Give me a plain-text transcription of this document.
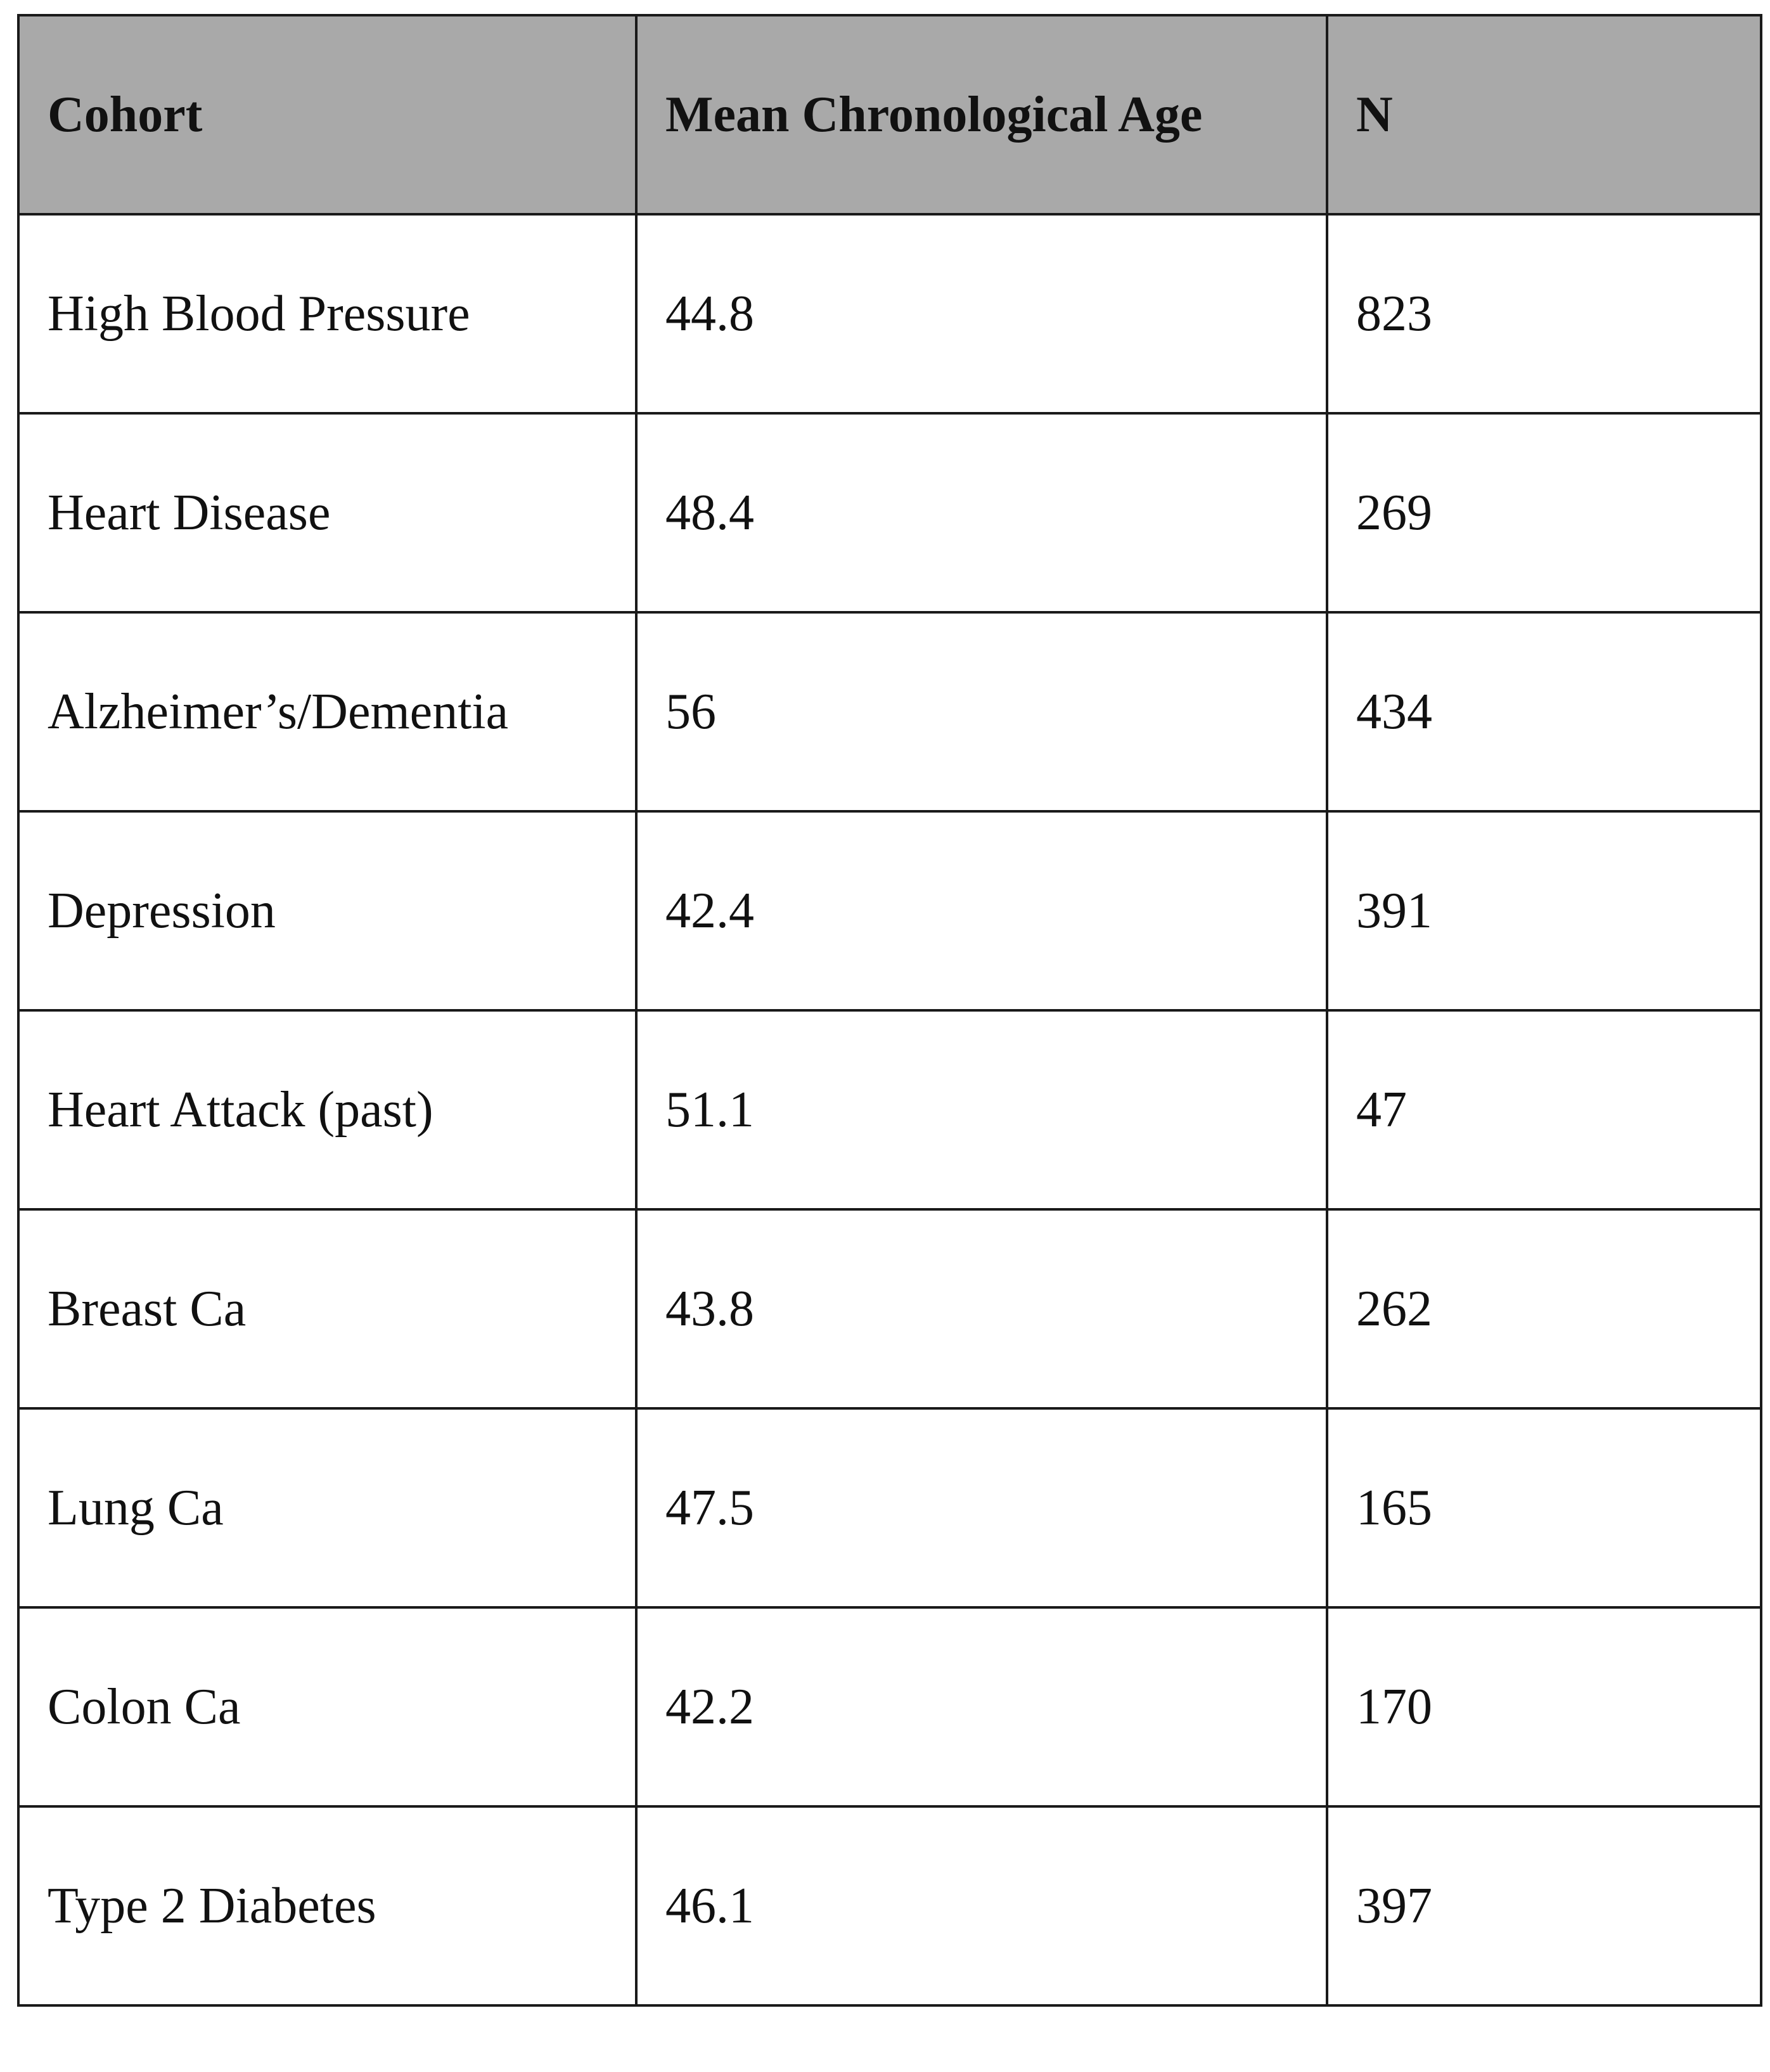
Cohort	Mean Chronological Age	N
High Blood Pressure	44.8	823
Heart Disease	48.4	269
Alzheimer’s/Dementia	56	434
Depression	42.4	391
Heart Attack (past)	51.1	47
Breast Ca	43.8	262
Lung Ca	47.5	165
Colon Ca	42.2	170
Type 2 Diabetes	46.1	397
